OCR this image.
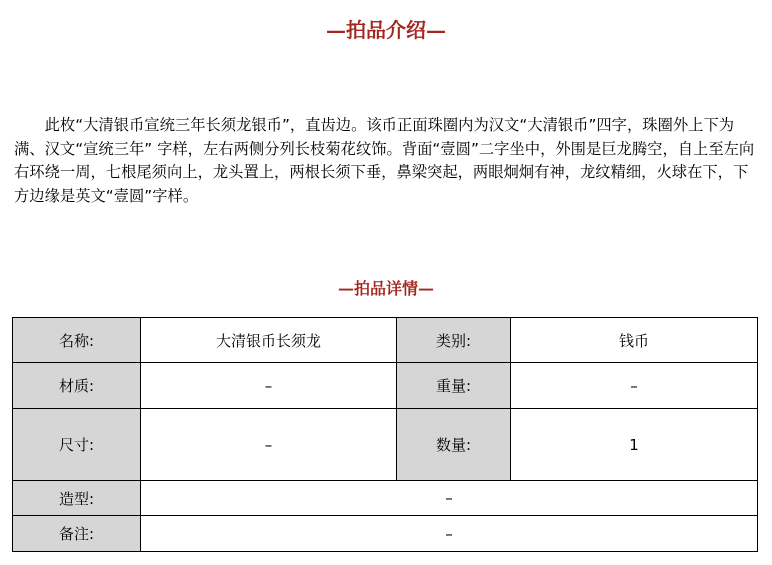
—拍品介绍—

此枚“大清银币宣统三年长须龙银币”，直齿边。该币正面珠圈内为汉文“大清银币”四字，珠圈外上下为满、汉文“宣统三年” 字样，左右两侧分列长枝菊花纹饰。背面“壹圆”二字坐中，外围是巨龙腾空，自上至左向右环绕一周，七根尾须向上，龙头置上，两根长须下垂，鼻梁突起，两眼炯炯有神，龙纹精细，火球在下，下方边缘是英文“壹圆”字样。

—拍品详情—
名称:	大清银币长须龙	类别:	钱币
材质:	–	重量:	–
尺寸:	–	数量:	1
造型:	–		
备注:	–		
